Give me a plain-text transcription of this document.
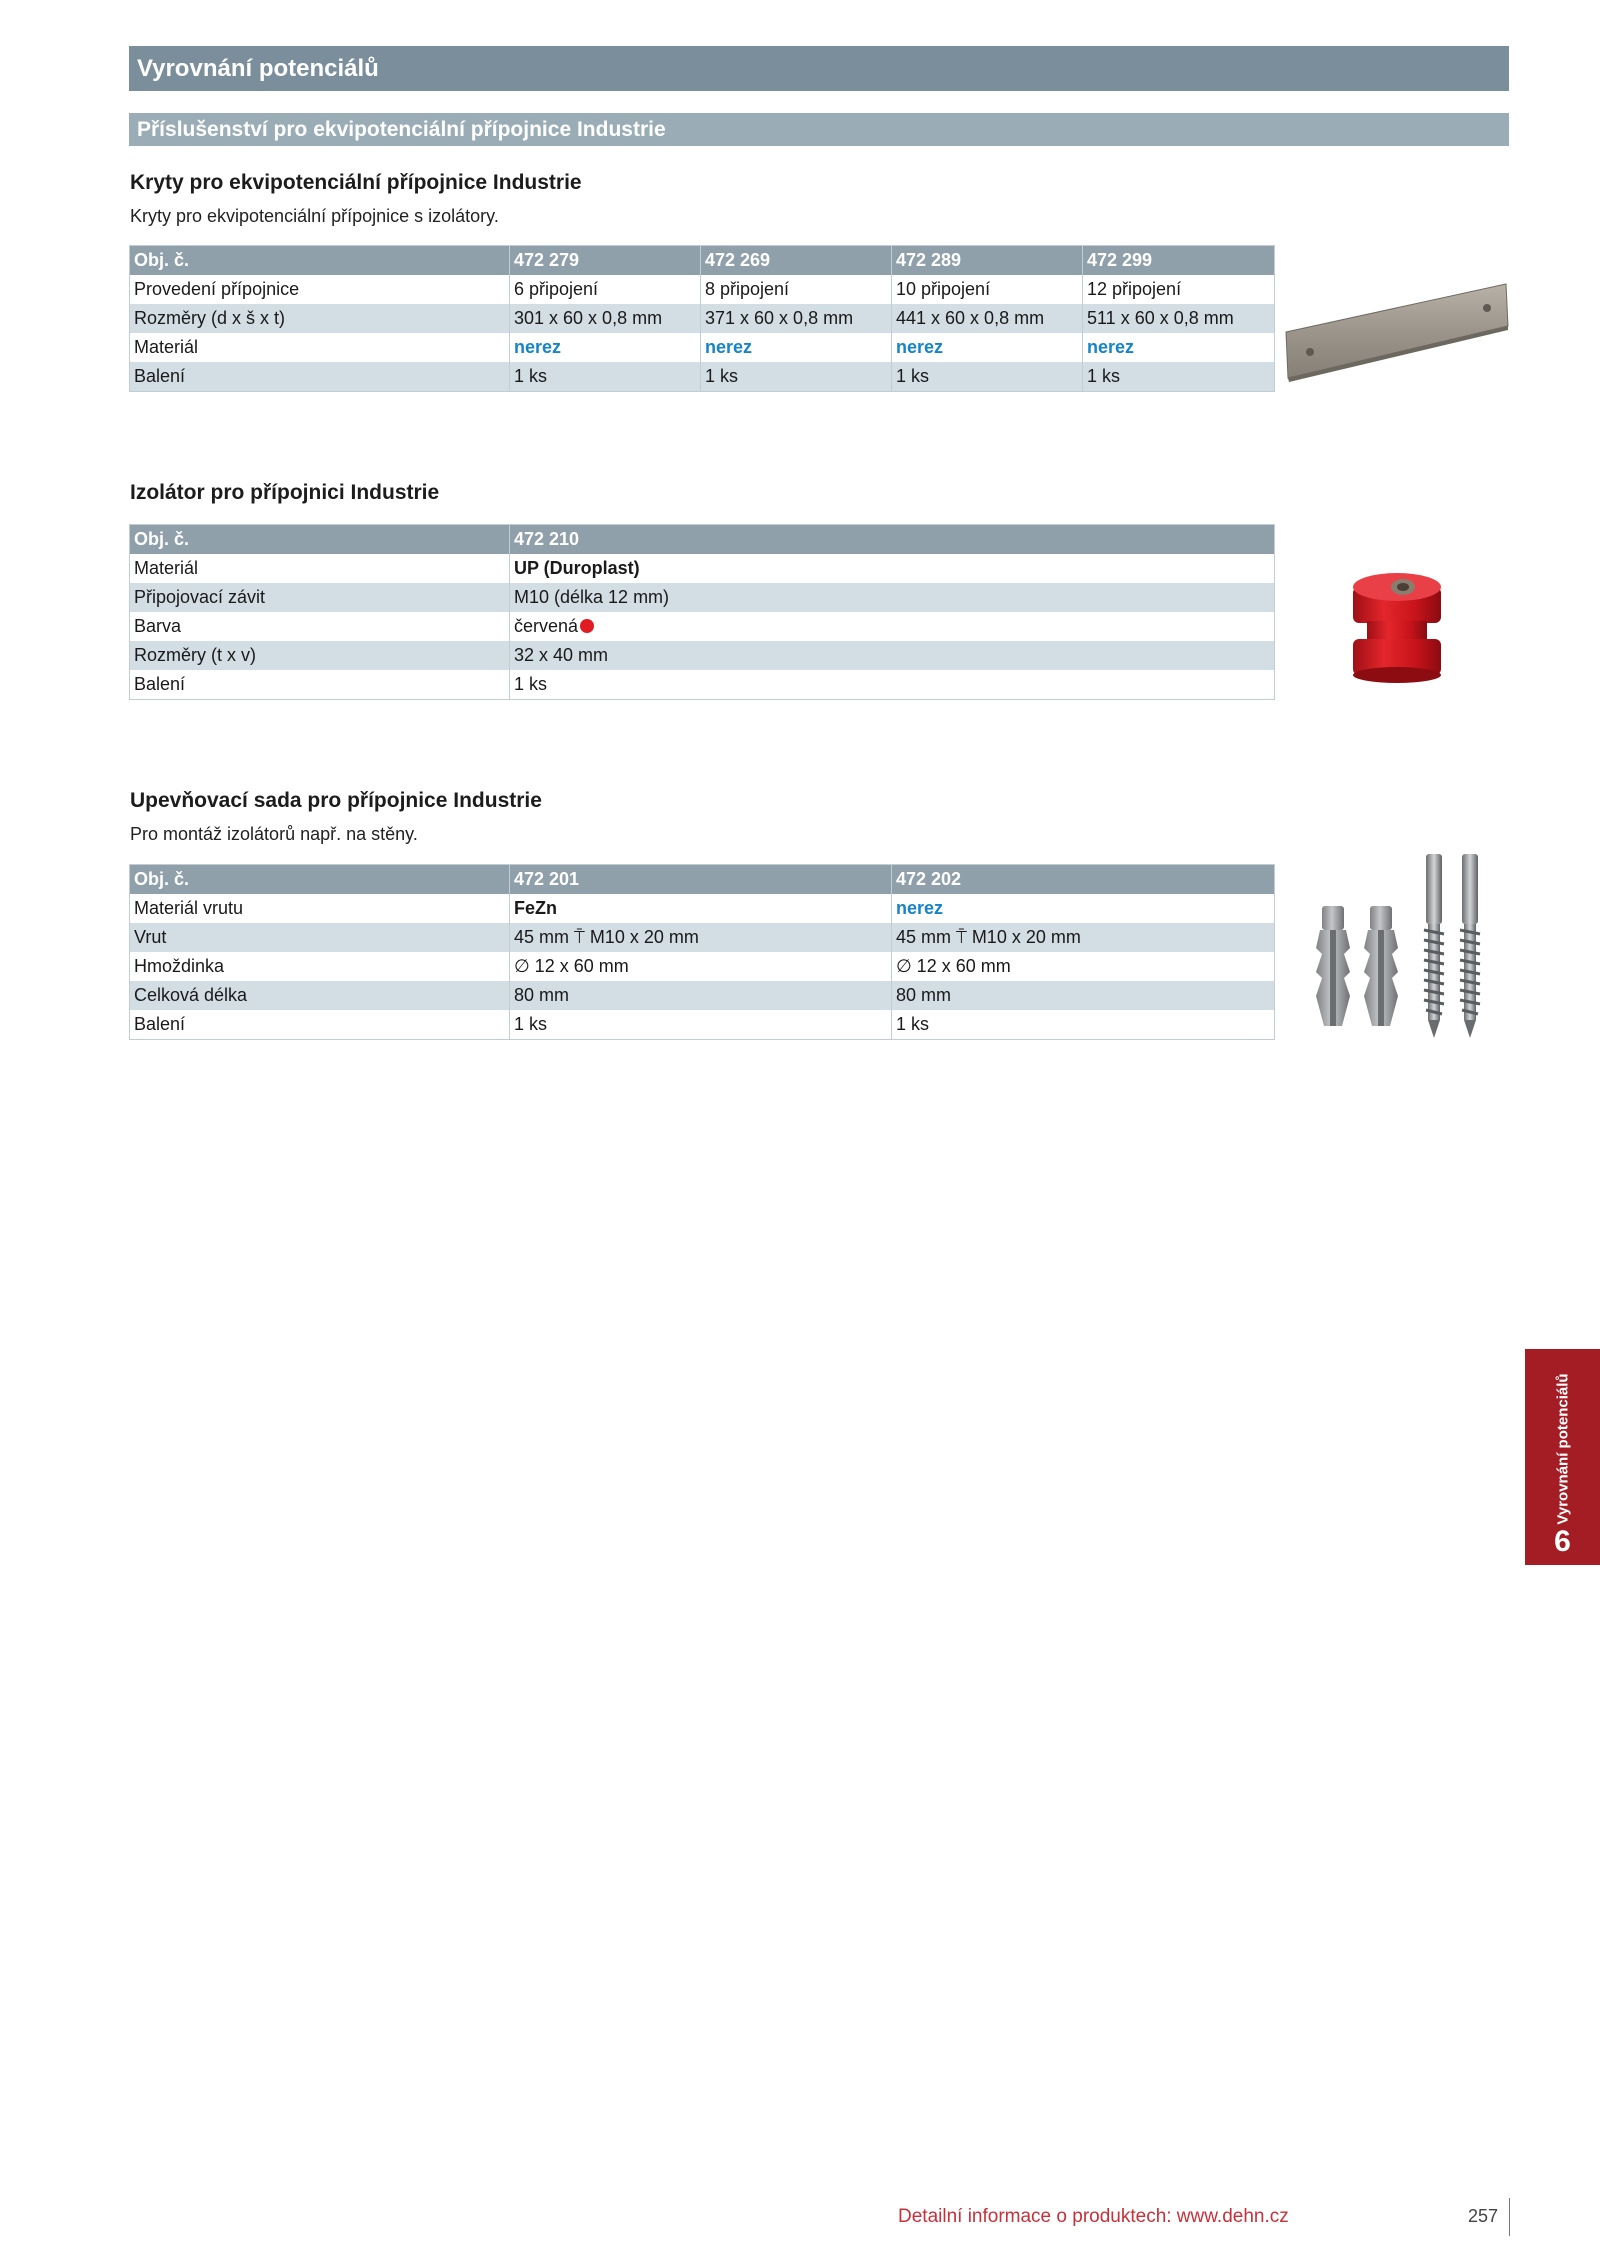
Vyrovnání potenciálů
Příslušenství pro ekvipotenciální přípojnice Industrie
Kryty pro ekvipotenciální přípojnice Industrie

Kryty pro ekvipotenciální přípojnice s izolátory.

Obj. č.	472 279	472 269	472 289	472 299
Provedení přípojnice	6 připojení	8 připojení	10 připojení	12 připojení
Rozměry (d x š x t)	301 x 60 x 0,8 mm	371 x 60 x 0,8 mm	441 x 60 x 0,8 mm	511 x 60 x 0,8 mm
Materiál	nerez	nerez	nerez	nerez
Balení	1 ks	1 ks	1 ks	1 ks
Izolátor pro přípojnici Industrie
Obj. č.	472 210
Materiál	UP (Duroplast)
Připojovací závit	M10 (délka 12 mm)
Barva	červená
Rozměry (t x v)	32 x 40 mm
Balení	1 ks
Upevňovací sada pro přípojnice Industrie

Pro montáž izolátorů např. na stěny.

Obj. č.	472 201	472 202
Materiál vrutu	FeZn	nerez
Vrut	45 mm ⍑ M10 x 20 mm	45 mm ⍑ M10 x 20 mm
Hmoždinka	∅ 12 x 60 mm	∅ 12 x 60 mm
Celková délka	80 mm	80 mm
Balení	1 ks	1 ks
Vyrovnání potenciálů
6
Detailní informace o produktech: www.dehn.cz	257
